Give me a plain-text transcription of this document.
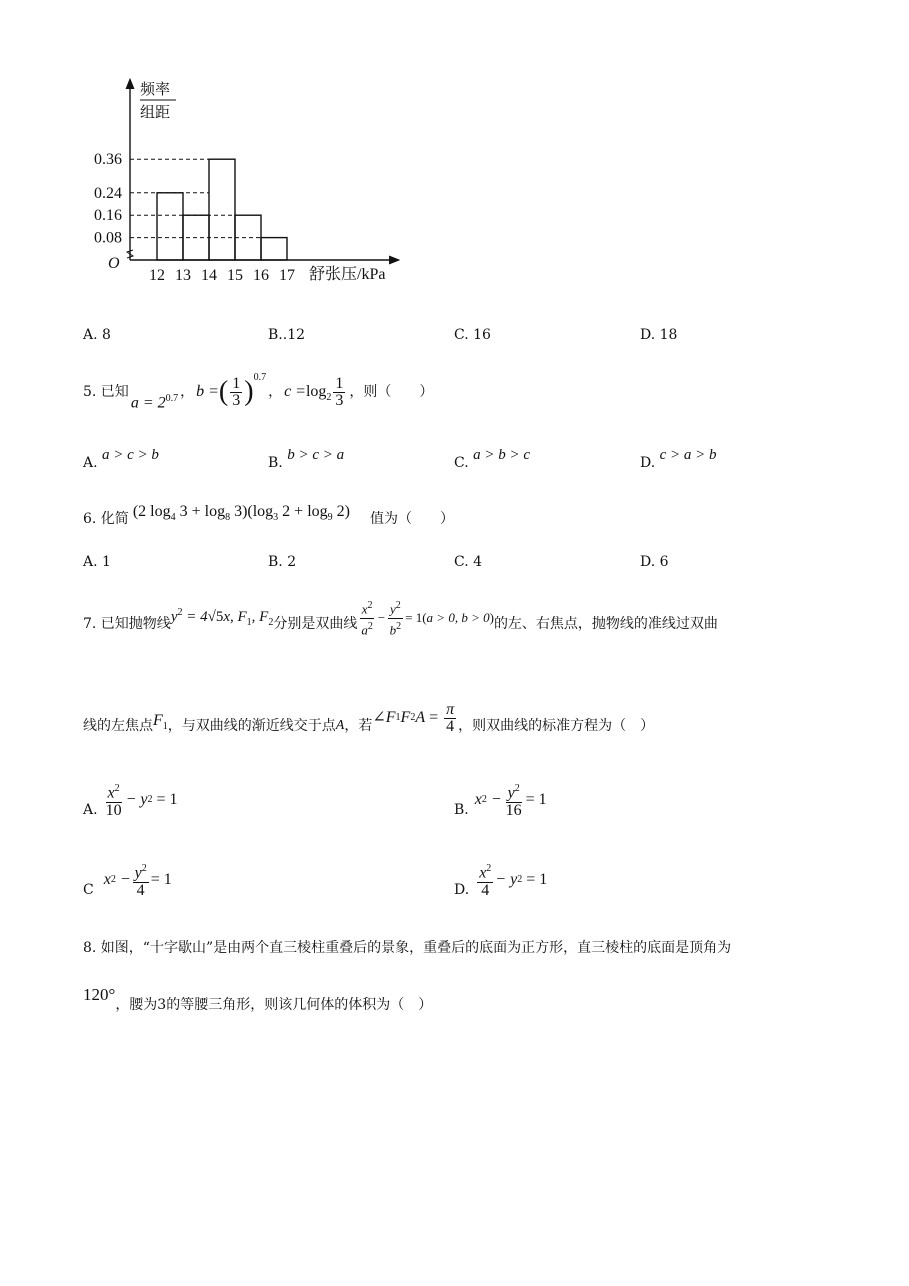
0.36
0.24
0.16
0.08
12 13 14 15 16 17
频率
组距
O
舒张压/kPa
A. 8	B..12	C. 16	D. 18
5. 已知
$a = 2^{0.7}$ ， b = ( $\frac{1}{3} )^{0.7}$
， $c = \log_2 \frac{1}{3}$ ，则（　　）
A. a > c > b	B. b > c > a	C. a > b > c	D. c > a > b
6. 化简 (2 $\log_4 3 + \log_8 3)(\log_3$ $2 + \log_9 2$) 值为（　　）
A. 1	B. 2	C. 4	D. 6
7. 已知抛物线 $y^2 = 4√5x$, $F_1$, $F_2$ 分别是双曲线 $\frac{x^2}{a^2} - \frac{y^2}{b^2} = 1$( a > 0, b > 0 ) 的左、右焦点，抛物线的准线过双曲
线的左焦点 $F_1$ ，与双曲线的渐近线交于点 A ，若 ∠F 1 F 2 $A = \frac{\pi}{4}$ ，则双曲线的标准方程为（　）
A. $\frac{x^2}{10} - y$ 2 = 1
B.
x $2 - \frac{y^2}{16} = 1$
C
x $2 - \frac{y^2}{4} = 1$
D. $\frac{x^2}{4} - y$ 2 = 1
8. 如图，“十字歇山”是由两个直三棱柱重叠后的景象，重叠后的底面为正方形，直三棱柱的底面是顶角为
120°
，腰为3的等腰三角形，则该几何体的体积为（　）
